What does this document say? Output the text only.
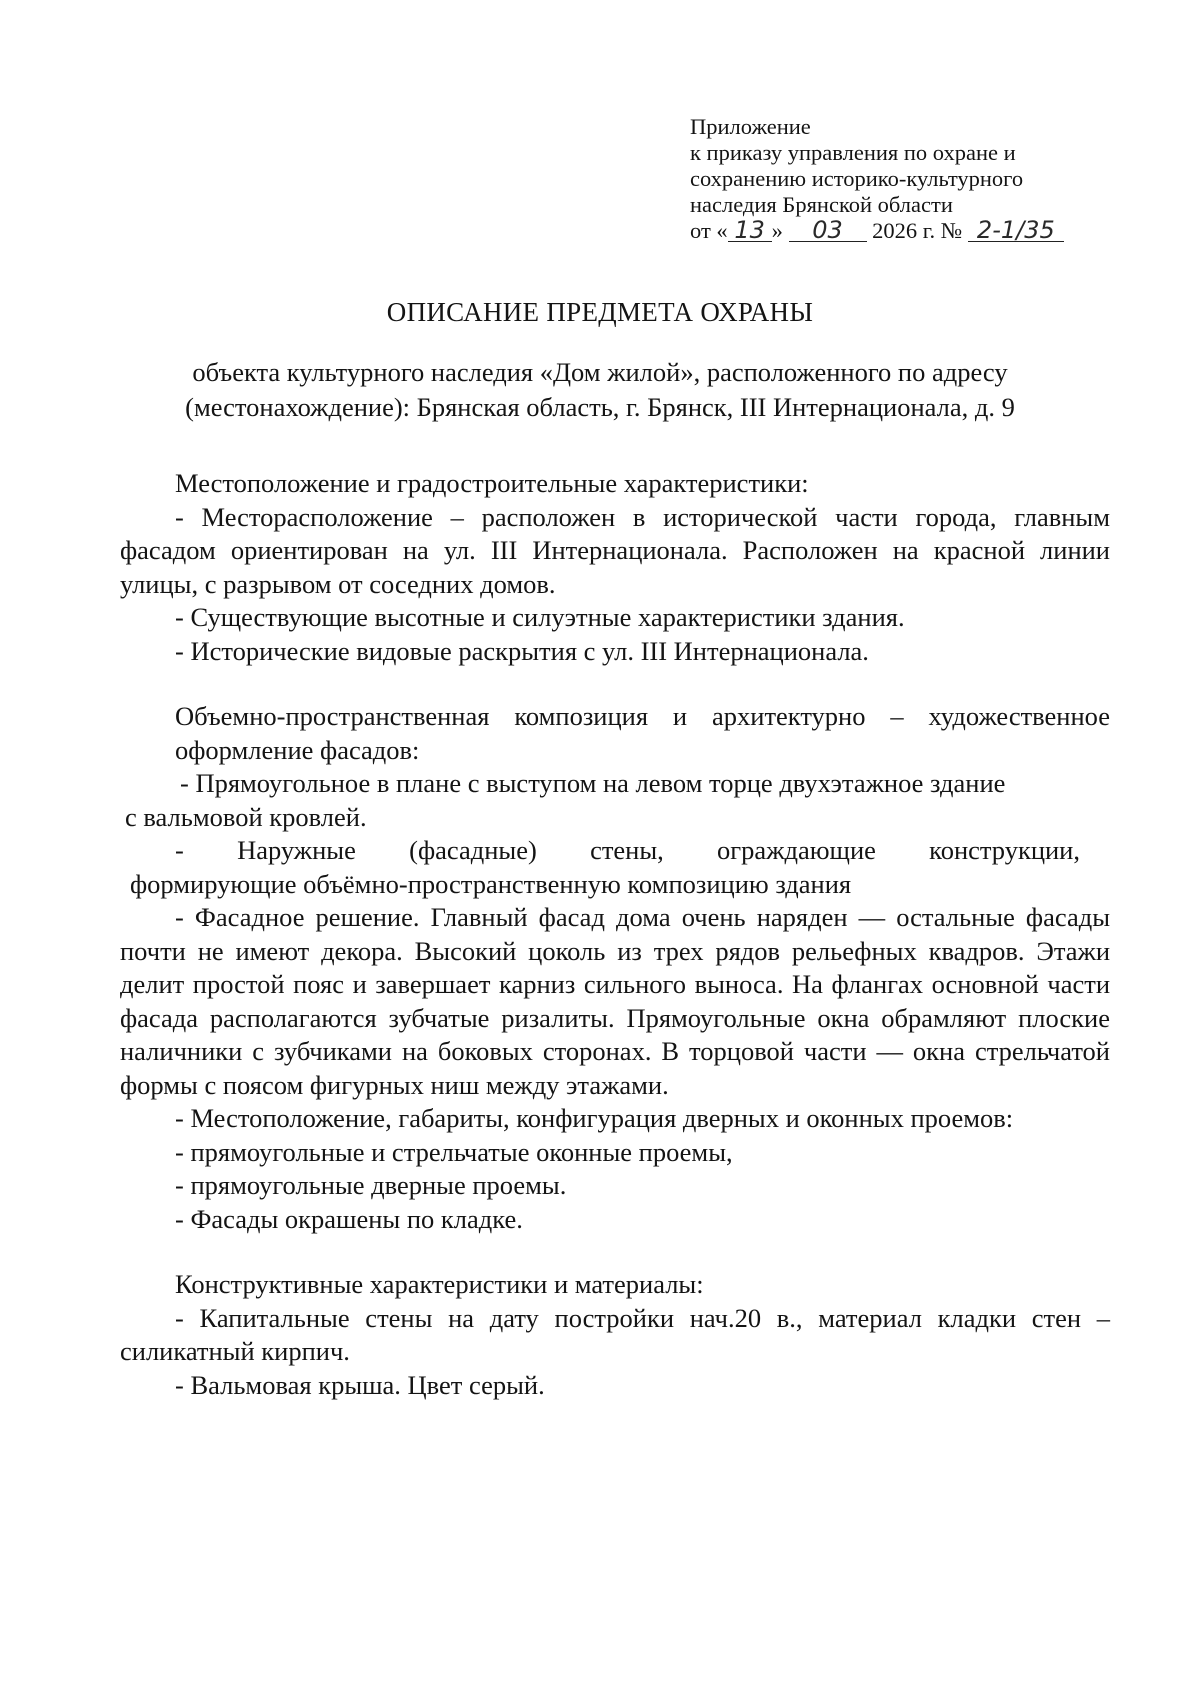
Приложение
к приказу управления по охране и
сохранению историко-культурного
наследия Брянской области
от « 13 » 03 2026 г. № 2-1/35
ОПИСАНИЕ ПРЕДМЕТА ОХРАНЫ
объекта культурного наследия «Дом жилой», расположенного по адресу
(местонахождение): Брянская область, г. Брянск, III Интернационала, д. 9

Местоположение и градостроительные характеристики:

- Месторасположение – расположен в исторической части города, главным фасадом ориентирован на ул. III Интернационала. Расположен на красной линии улицы, с разрывом от соседних домов.

- Существующие высотные и силуэтные характеристики здания.

- Исторические видовые раскрытия с ул. III Интернационала.

Объемно-пространственная композиция и архитектурно – художественное

оформление фасадов:

- Прямоугольное в плане с выступом на левом торце двухэтажное здание

с вальмовой кровлей.

- Наружные (фасадные) стены, ограждающие конструкции,

формирующие объёмно-пространственную композицию здания

- Фасадное решение. Главный фасад дома очень наряден — остальные фасады почти не имеют декора. Высокий цоколь из трех рядов рельефных квадров. Этажи делит простой пояс и завершает карниз сильного выноса. На флангах основной части фасада располагаются зубчатые ризалиты. Прямоугольные окна обрамляют плоские наличники с зубчиками на боковых сторонах. В торцовой части — окна стрельчатой формы с поясом фигурных ниш между этажами.

- Местоположение, габариты, конфигурация дверных и оконных проемов:

- прямоугольные и стрельчатые оконные проемы,

- прямоугольные дверные проемы.

- Фасады окрашены по кладке.

Конструктивные характеристики и материалы:

- Капитальные стены на дату постройки нач.20 в., материал кладки стен – силикатный кирпич.

- Вальмовая крыша. Цвет серый.
